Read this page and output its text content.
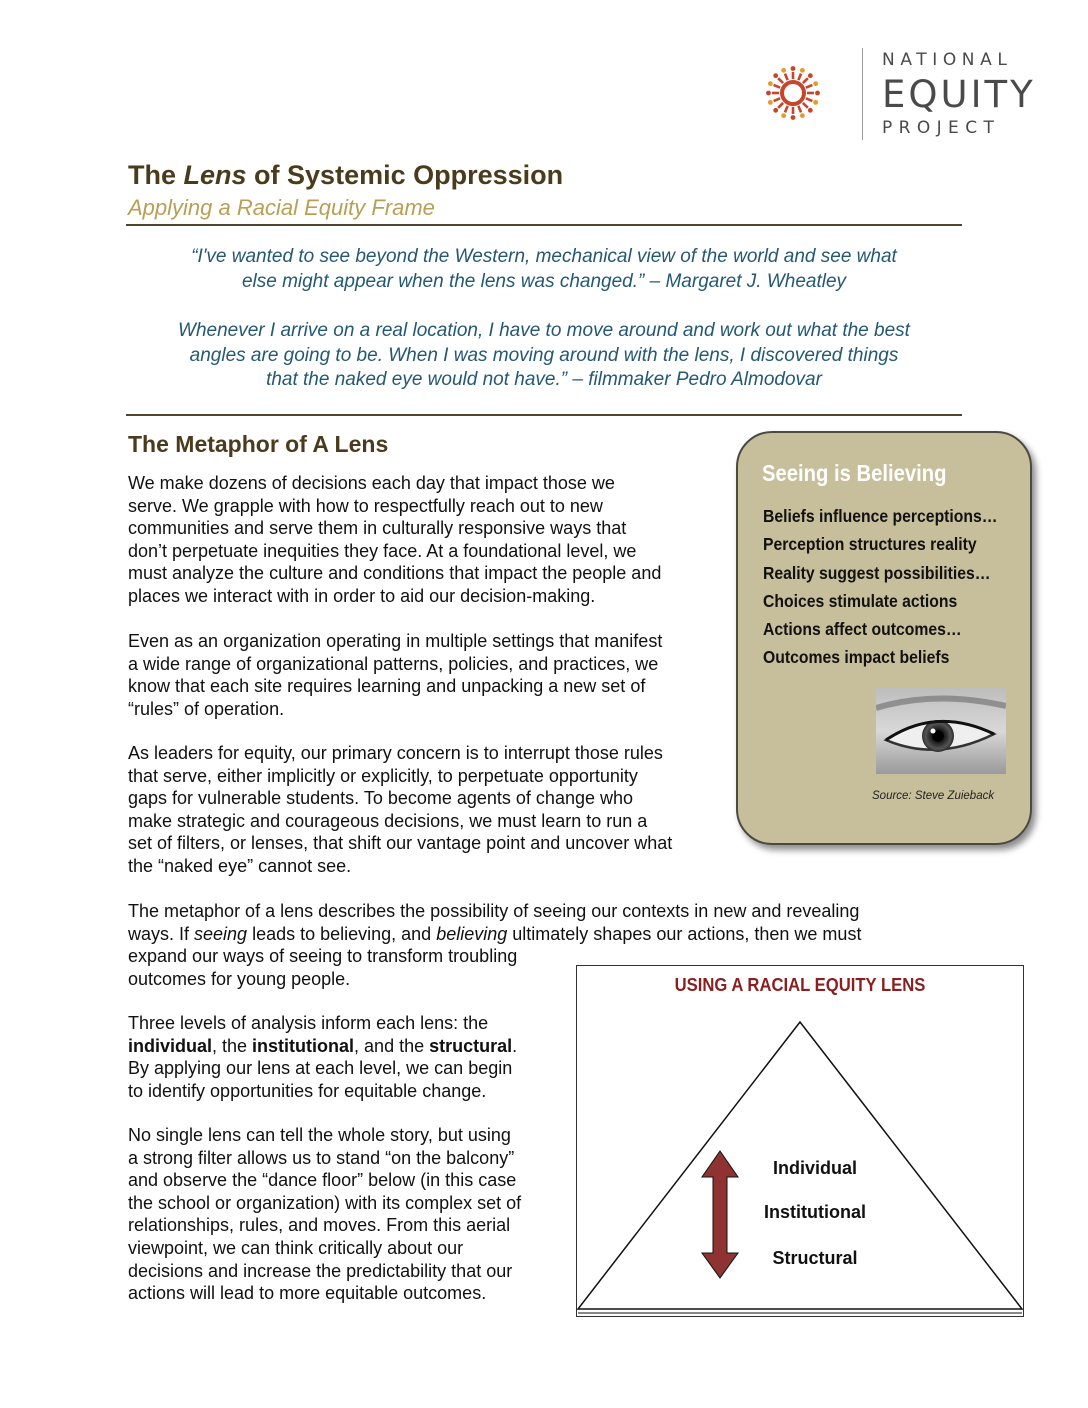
NATIONAL
EQUITY
PROJECT
The Lens of Systemic Oppression
Applying a Racial Equity Frame
“I've wanted to see beyond the Western, mechanical view of the world and see what
else might appear when the lens was changed.” – Margaret J. Wheatley
Whenever I arrive on a real location, I have to move around and work out what the best
angles are going to be. When I was moving around with the lens, I discovered things
that the naked eye would not have.” – filmmaker Pedro Almodovar
The Metaphor of A Lens
We make dozens of decisions each day that impact those we
serve. We grapple with how to respectfully reach out to new
communities and serve them in culturally responsive ways that
don’t perpetuate inequities they face. At a foundational level, we
must analyze the culture and conditions that impact the people and
places we interact with in order to aid our decision-making.
Even as an organization operating in multiple settings that manifest
a wide range of organizational patterns, policies, and practices, we
know that each site requires learning and unpacking a new set of
“rules” of operation.
As leaders for equity, our primary concern is to interrupt those rules
that serve, either implicitly or explicitly, to perpetuate opportunity
gaps for vulnerable students. To become agents of change who
make strategic and courageous decisions, we must learn to run a
set of filters, or lenses, that shift our vantage point and uncover what
the “naked eye” cannot see.
The metaphor of a lens describes the possibility of seeing our contexts in new and revealing
ways. If seeing leads to believing, and believing ultimately shapes our actions, then we must
expand our ways of seeing to transform troubling
outcomes for young people.
Three levels of analysis inform each lens: the
individual, the institutional, and the structural.
By applying our lens at each level, we can begin
to identify opportunities for equitable change.
No single lens can tell the whole story, but using
a strong filter allows us to stand “on the balcony”
and observe the “dance floor” below (in this case
the school or organization) with its complex set of
relationships, rules, and moves. From this aerial
viewpoint, we can think critically about our
decisions and increase the predictability that our
actions will lead to more equitable outcomes.
Seeing is Believing
Beliefs influence perceptions…
Perception structures reality
Reality suggest possibilities…
Choices stimulate actions
Actions affect outcomes…
Outcomes impact beliefs
Source: Steve Zuieback
USING A RACIAL EQUITY LENS
Individual
Institutional
Structural
